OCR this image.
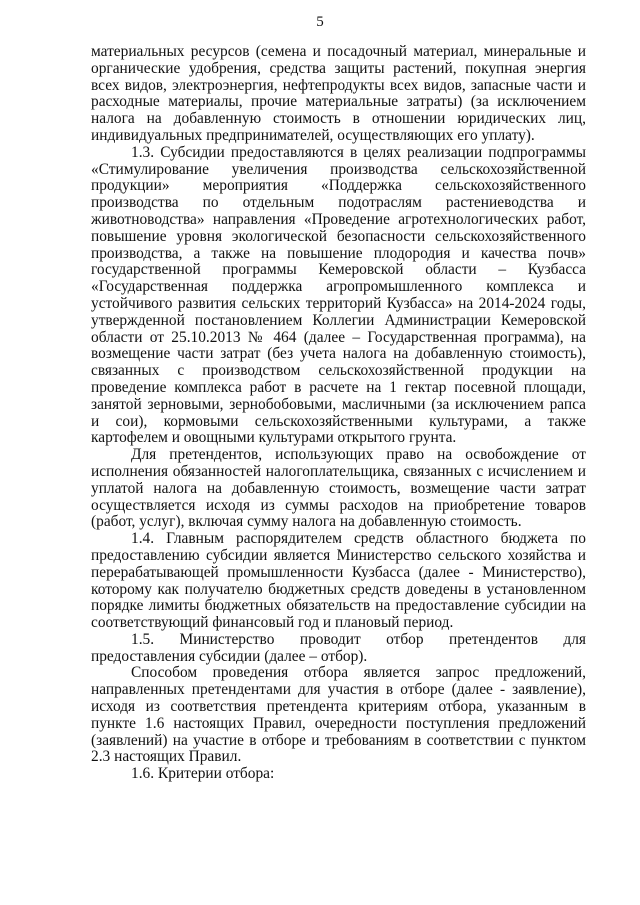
5

материальных ресурсов (семена и посадочный материал, минеральные и органические удобрения, средства защиты растений, покупная энергия всех видов, электроэнергия, нефтепродукты всех видов, запасные части и расходные материалы, прочие материальные затраты) (за исключением налога на добавленную стоимость в отношении юридических лиц, индивидуальных предпринимателей, осуществляющих его уплату).

1.3. Субсидии предоставляются в целях реализации подпрограммы «Стимулирование увеличения производства сельскохозяйственной продукции» мероприятия «Поддержка сельскохозяйственного производства по отдельным подотраслям растениеводства и животноводства» направления «Проведение агротехнологических работ, повышение уровня экологической безопасности сельскохозяйственного производства, а также на повышение плодородия и качества почв» государственной программы Кемеровской области – Кузбасса «Государственная поддержка агропромышленного комплекса и устойчивого развития сельских территорий Кузбасса» на 2014-2024 годы, утвержденной постановлением Коллегии Администрации Кемеровской области от 25.10.2013 № 464 (далее – Государственная программа), на возмещение части затрат (без учета налога на добавленную стоимость), связанных с производством сельскохозяйственной продукции на проведение комплекса работ в расчете на 1 гектар посевной площади, занятой зерновыми, зернобобовыми, масличными (за исключением рапса и сои), кормовыми сельскохозяйственными культурами, а также картофелем и овощными культурами открытого грунта.

Для претендентов, использующих право на освобождение от исполнения обязанностей налогоплательщика, связанных с исчислением и уплатой налога на добавленную стоимость, возмещение части затрат осуществляется исходя из суммы расходов на приобретение товаров (работ, услуг), включая сумму налога на добавленную стоимость.

1.4. Главным распорядителем средств областного бюджета по предоставлению субсидии является Министерство сельского хозяйства и перерабатывающей промышленности Кузбасса (далее - Министерство), которому как получателю бюджетных средств доведены в установленном порядке лимиты бюджетных обязательств на предоставление субсидии на соответствующий финансовый год и плановый период.

1.5. Министерство проводит отбор претендентов для предоставления субсидии (далее – отбор).

Способом проведения отбора является запрос предложений, направленных претендентами для участия в отборе (далее - заявление), исходя из соответствия претендента критериям отбора, указанным в пункте 1.6 настоящих Правил, очередности поступления предложений (заявлений) на участие в отборе и требованиям в соответствии с пунктом 2.3 настоящих Правил.

1.6. Критерии отбора:
